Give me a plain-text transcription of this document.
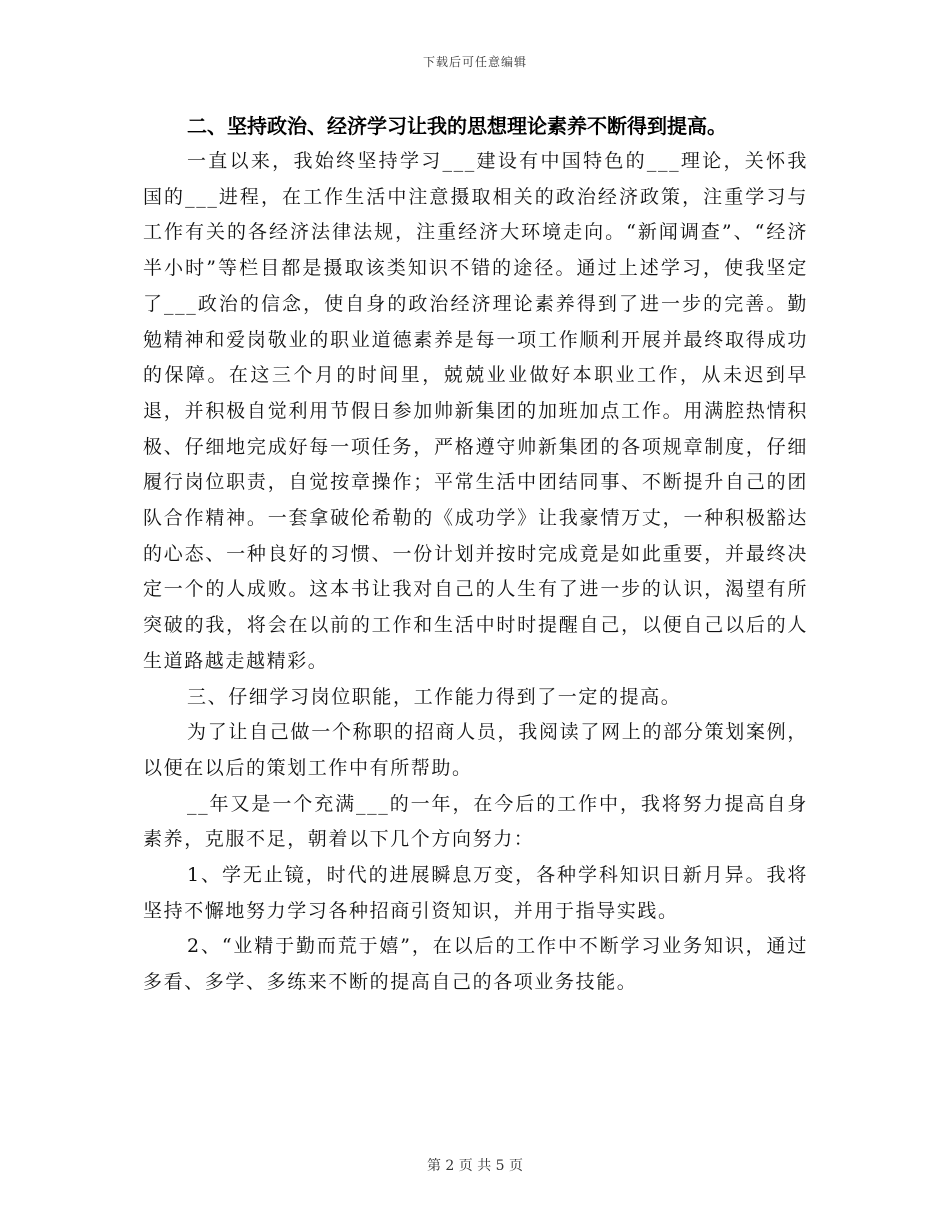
下载后可任意编辑

二、坚持政治、经济学习让我的思想理论素养不断得到提高。

一直以来，我始终坚持学习___建设有中国特色的___理论，关怀我国的___进程，在工作生活中注意摄取相关的政治经济政策，注重学习与工作有关的各经济法律法规，注重经济大环境走向。“新闻调查”、“经济半小时”等栏目都是摄取该类知识不错的途径。通过上述学习，使我坚定了___政治的信念，使自身的政治经济理论素养得到了进一步的完善。勤勉精神和爱岗敬业的职业道德素养是每一项工作顺利开展并最终取得成功的保障。在这三个月的时间里，兢兢业业做好本职业工作，从未迟到早退，并积极自觉利用节假日参加帅新集团的加班加点工作。用满腔热情积极、仔细地完成好每一项任务，严格遵守帅新集团的各项规章制度，仔细履行岗位职责，自觉按章操作；平常生活中团结同事、不断提升自己的团队合作精神。一套拿破伦希勒的《成功学》让我豪情万丈，一种积极豁达的心态、一种良好的习惯、一份计划并按时完成竟是如此重要，并最终决定一个的人成败。这本书让我对自己的人生有了进一步的认识，渴望有所突破的我，将会在以前的工作和生活中时时提醒自己，以便自己以后的人生道路越走越精彩。

三、仔细学习岗位职能，工作能力得到了一定的提高。

为了让自己做一个称职的招商人员，我阅读了网上的部分策划案例，以便在以后的策划工作中有所帮助。

__年又是一个充满___的一年，在今后的工作中，我将努力提高自身素养，克服不足，朝着以下几个方向努力：

1、学无止镜，时代的进展瞬息万变，各种学科知识日新月异。我将坚持不懈地努力学习各种招商引资知识，并用于指导实践。

2、“业精于勤而荒于嬉”，在以后的工作中不断学习业务知识，通过多看、多学、多练来不断的提高自己的各项业务技能。

第 2 页 共 5 页
